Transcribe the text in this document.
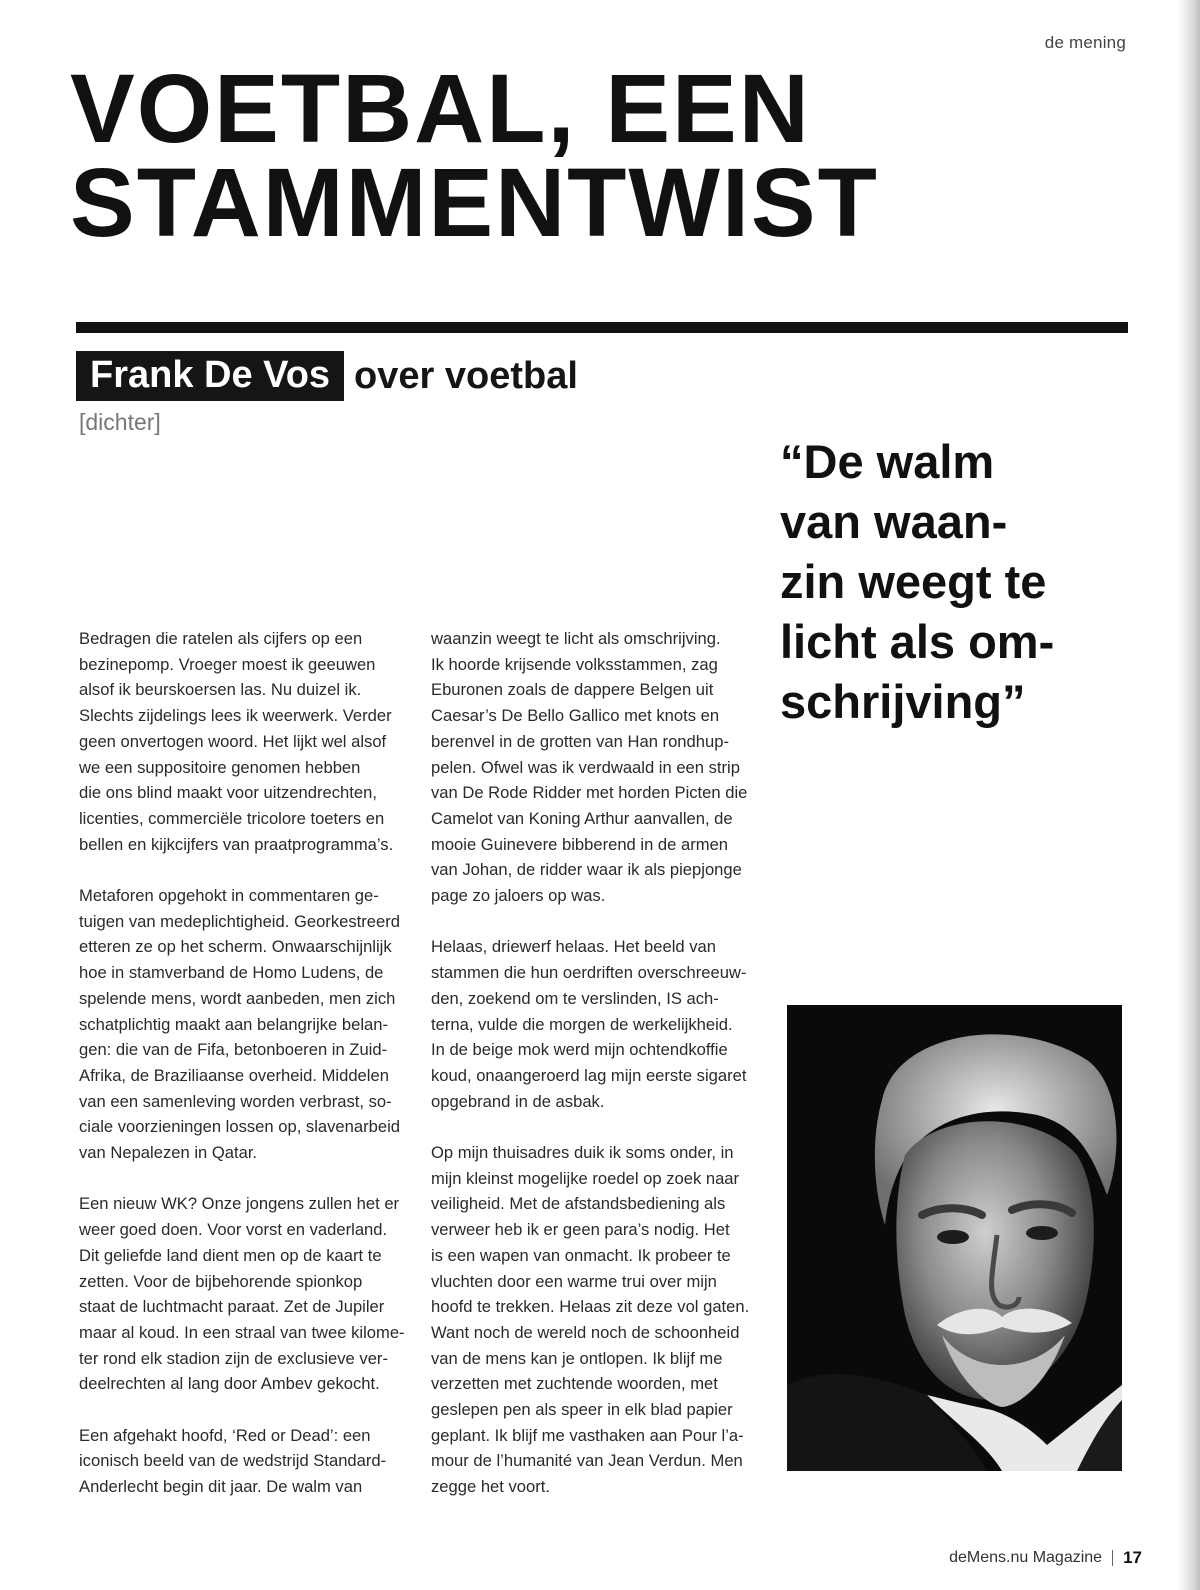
de mening
VOETBAL, EEN
STAMMENTWIST
Frank De Vos over voetbal
[dichter]
“De walm
van waan-
zin weegt te
licht als om-
schrijving”

Bedragen die ratelen als cijfers op een
bezinepomp. Vroeger moest ik geeuwen
alsof ik beurskoersen las. Nu duizel ik.
Slechts zijdelings lees ik weerwerk. Verder
geen onvertogen woord. Het lijkt wel alsof
we een suppositoire genomen hebben
die ons blind maakt voor uitzendrechten,
licenties, commerciële tricolore toeters en
bellen en kijkcijfers van praatprogramma’s.

Metaforen opgehokt in commentaren ge-
tuigen van medeplichtigheid. Georkestreerd
etteren ze op het scherm. Onwaarschijnlijk
hoe in stamverband de Homo Ludens, de
spelende mens, wordt aanbeden, men zich
schatplichtig maakt aan belangrijke belan-
gen: die van de Fifa, betonboeren in Zuid-
Afrika, de Braziliaanse overheid. Middelen
van een samenleving worden verbrast, so-
ciale voorzieningen lossen op, slavenarbeid
van Nepalezen in Qatar.

Een nieuw WK? Onze jongens zullen het er
weer goed doen. Voor vorst en vaderland.
Dit geliefde land dient men op de kaart te
zetten. Voor de bijbehorende spionkop
staat de luchtmacht paraat. Zet de Jupiler
maar al koud. In een straal van twee kilome-
ter rond elk stadion zijn de exclusieve ver-
deelrechten al lang door Ambev gekocht.

Een afgehakt hoofd, ‘Red or Dead’: een
iconisch beeld van de wedstrijd Standard-
Anderlecht begin dit jaar. De walm van

waanzin weegt te licht als omschrijving.
Ik hoorde krijsende volksstammen, zag
Eburonen zoals de dappere Belgen uit
Caesar’s De Bello Gallico met knots en
berenvel in de grotten van Han rondhup-
pelen. Ofwel was ik verdwaald in een strip
van De Rode Ridder met horden Picten die
Camelot van Koning Arthur aanvallen, de
mooie Guinevere bibberend in de armen
van Johan, de ridder waar ik als piepjonge
page zo jaloers op was.

Helaas, driewerf helaas. Het beeld van
stammen die hun oerdriften overschreeuw-
den, zoekend om te verslinden, IS ach-
terna, vulde die morgen de werkelijkheid.
In de beige mok werd mijn ochtendkoffie
koud, onaangeroerd lag mijn eerste sigaret
opgebrand in de asbak.

Op mijn thuisadres duik ik soms onder, in
mijn kleinst mogelijke roedel op zoek naar
veiligheid. Met de afstandsbediening als
verweer heb ik er geen para’s nodig. Het
is een wapen van onmacht. Ik probeer te
vluchten door een warme trui over mijn
hoofd te trekken. Helaas zit deze vol gaten.
Want noch de wereld noch de schoonheid
van de mens kan je ontlopen. Ik blijf me
verzetten met zuchtende woorden, met
geslepen pen als speer in elk blad papier
geplant. Ik blijf me vasthaken aan Pour l’a-
mour de l’humanité van Jean Verdun. Men
zegge het voort.

deMens.nu Magazine 17
